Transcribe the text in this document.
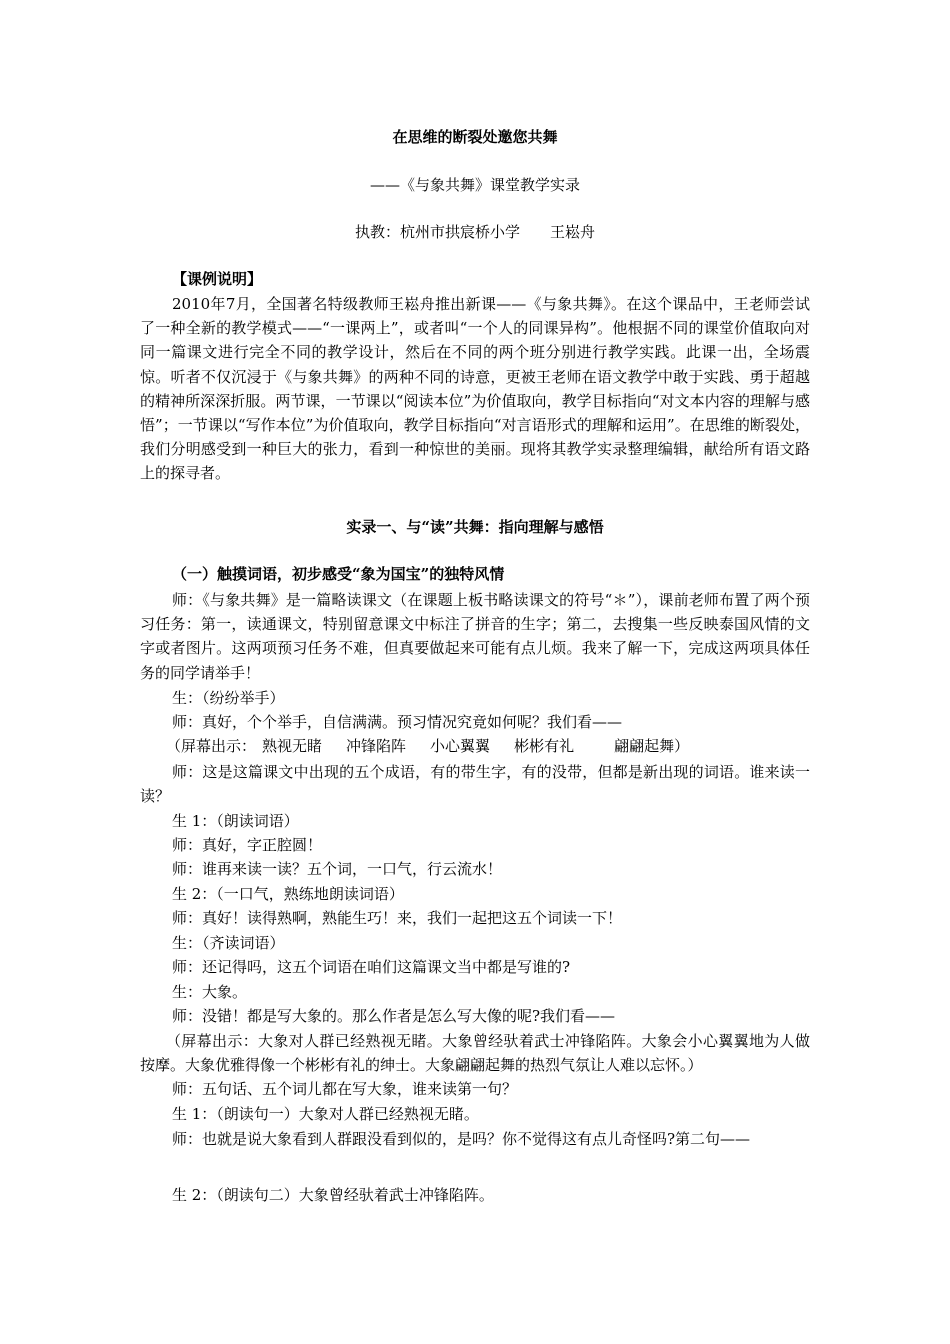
在思维的断裂处邀您共舞
——《与象共舞》课堂教学实录
执教：杭州市拱宸桥小学 王崧舟
【课例说明】
2010年7月，全国著名特级教师王崧舟推出新课——《与象共舞》。在这个课品中，王老师尝试了一种全新的教学模式——“一课两上”，或者叫“一个人的同课异构”。他根据不同的课堂价值取向对同一篇课文进行完全不同的教学设计，然后在不同的两个班分别进行教学实践。此课一出，全场震惊。听者不仅沉浸于《与象共舞》的两种不同的诗意，更被王老师在语文教学中敢于实践、勇于超越的精神所深深折服。两节课，一节课以“阅读本位”为价值取向，教学目标指向“对文本内容的理解与感悟”；一节课以“写作本位”为价值取向，教学目标指向“对言语形式的理解和运用”。在思维的断裂处，我们分明感受到一种巨大的张力，看到一种惊世的美丽。现将其教学实录整理编辑，献给所有语文路上的探寻者。
实录一、与“读”共舞：指向理解与感悟
（一）触摸词语，初步感受“象为国宝”的独特风情
师：《与象共舞》是一篇略读课文（在课题上板书略读课文的符号“＊”），课前老师布置了两个预习任务：第一，读通课文，特别留意课文中标注了拼音的生字；第二，去搜集一些反映泰国风情的文字或者图片。这两项预习任务不难，但真要做起来可能有点儿烦。我来了解一下，完成这两项具体任务的同学请举手！
生：（纷纷举手）
师：真好，个个举手，自信满满。预习情况究竟如何呢？我们看——
（屏幕出示： 熟视无睹 冲锋陷阵 小心翼翼 彬彬有礼	翩翩起舞）
师：这是这篇课文中出现的五个成语，有的带生字，有的没带，但都是新出现的词语。谁来读一读？
生 1：（朗读词语）
师：真好，字正腔圆！
师：谁再来读一读？五个词，一口气，行云流水！
生 2：（一口气，熟练地朗读词语）
师：真好！读得熟啊，熟能生巧！来，我们一起把这五个词读一下！
生：（齐读词语）
师：还记得吗，这五个词语在咱们这篇课文当中都是写谁的?
生：大象。
师：没错！都是写大象的。那么作者是怎么写大像的呢?我们看——
（屏幕出示：大象对人群已经熟视无睹。大象曾经驮着武士冲锋陷阵。大象会小心翼翼地为人做按摩。大象优雅得像一个彬彬有礼的绅士。大象翩翩起舞的热烈气氛让人难以忘怀。）
师：五句话、五个词儿都在写大象，谁来读第一句？
生 1：（朗读句一）大象对人群已经熟视无睹。
师：也就是说大象看到人群跟没看到似的，是吗？你不觉得这有点儿奇怪吗?第二句——
生 2：（朗读句二）大象曾经驮着武士冲锋陷阵。
